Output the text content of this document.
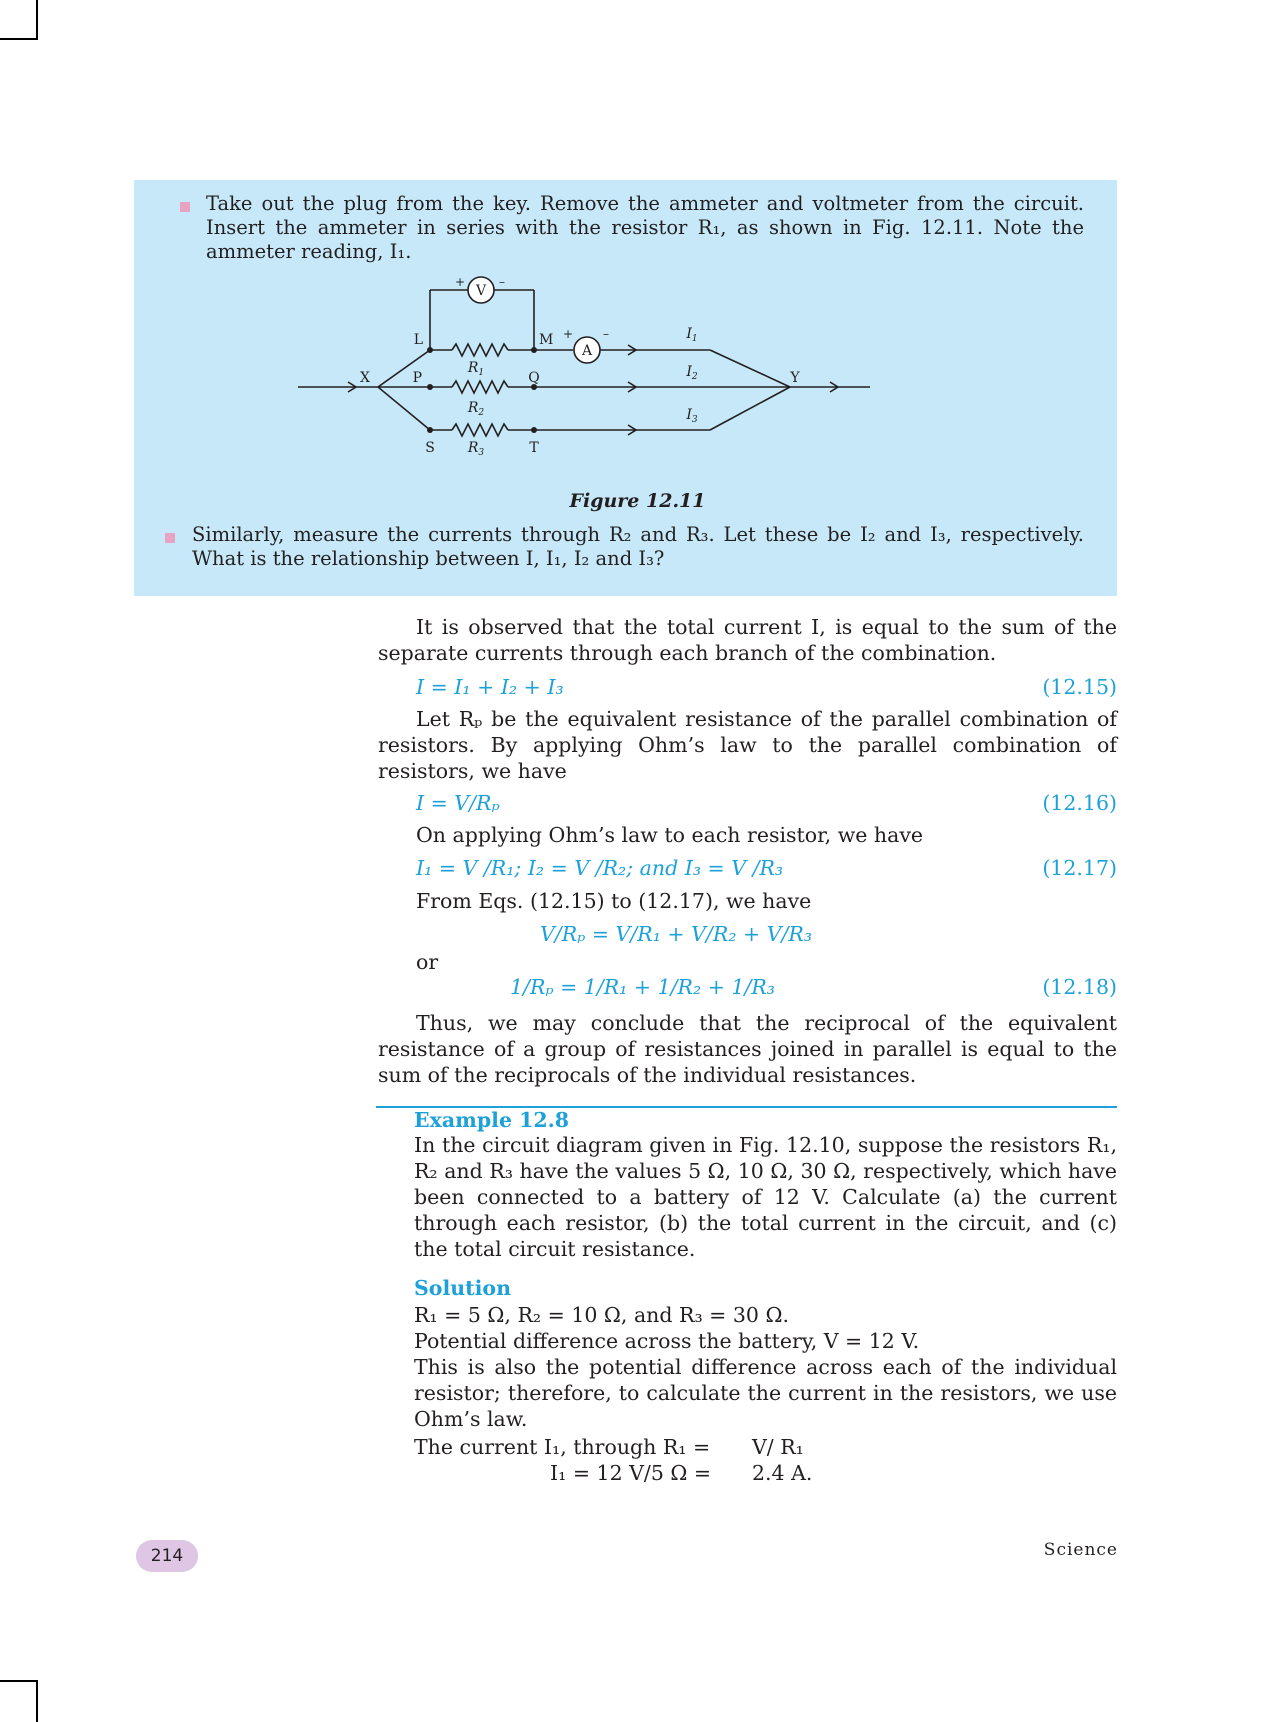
Take out the plug from the key. Remove the ammeter and voltmeter from the circuit. Insert the ammeter in series with the resistor R₁, as shown in Fig. 12.11. Note the ammeter reading, I₁.
V
A
+	–
+ –
L	M
P	Q
S	T
X	Y
$R_1$
$R_2$
$R_3$
$I_1$
$I_2$
$I_3$
Figure 12.11
Similarly, measure the currents through R₂ and R₃. Let these be I₂ and I₃, respectively. What is the relationship between I, I₁, I₂ and I₃?
It is observed that the total current I, is equal to the sum of the separate currents through each branch of the combination.
I = I₁ + I₂ + I₃	(12.15)
Let Rₚ be the equivalent resistance of the parallel combination of resistors. By applying Ohm’s law to the parallel combination of resistors, we have
I = V/Rₚ	(12.16)
On applying Ohm’s law to each resistor, we have
I₁ = V /R₁; I₂ = V /R₂; and I₃ = V /R₃	(12.17)
From Eqs. (12.15) to (12.17), we have
V/Rₚ = V/R₁ + V/R₂ + V/R₃
or
1/Rₚ = 1/R₁ + 1/R₂ + 1/R₃	(12.18)
Thus, we may conclude that the reciprocal of the equivalent resistance of a group of resistances joined in parallel is equal to the sum of the reciprocals of the individual resistances.
Example 12.8
In the circuit diagram given in Fig. 12.10, suppose the resistors R₁, R₂ and R₃ have the values 5 Ω, 10 Ω, 30 Ω, respectively, which have been connected to a battery of 12 V. Calculate (a) the current through each resistor, (b) the total current in the circuit, and (c) the total circuit resistance.
Solution
R₁ = 5 Ω, R₂ = 10 Ω, and R₃ = 30 Ω.
Potential difference across the battery, V = 12 V.
This is also the potential difference across each of the individual resistor; therefore, to calculate the current in the resistors, we use Ohm’s law.
The current I₁, through R₁ = V/ R₁
I₁ = 12 V/5 Ω = 2.4 A.
214	Science
